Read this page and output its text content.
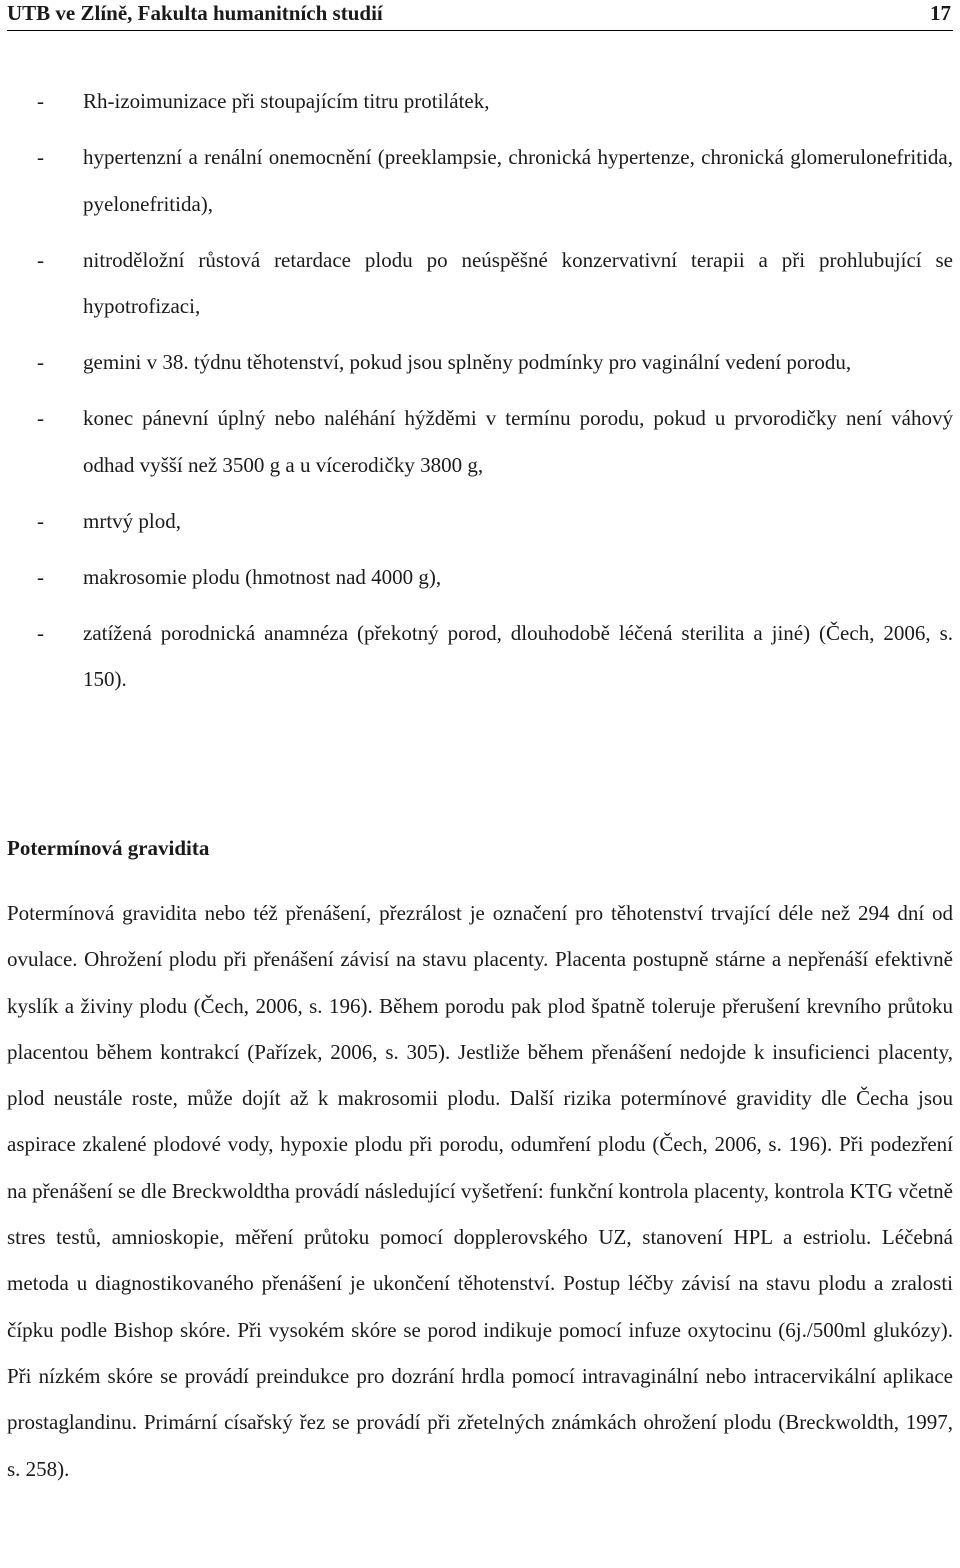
UTB ve Zlíně, Fakulta humanitních studií	17
- Rh-izoimunizace při stoupajícím titru protilátek,
- hypertenzní a renální onemocnění (preeklampsie, chronická hypertenze, chronická glomerulonefritida, pyelonefritida),
- nitroděložní růstová retardace plodu po neúspěšné konzervativní terapii a při prohlubující se hypotrofizaci,
- gemini v 38. týdnu těhotenství, pokud jsou splněny podmínky pro vaginální vedení porodu,
- konec pánevní úplný nebo naléhání hýžděmi v termínu porodu, pokud u prvorodičky není váhový odhad vyšší než 3500 g a u vícerodičky 3800 g,
- mrtvý plod,
- makrosomie plodu (hmotnost nad 4000 g),
- zatížená porodnická anamnéza (překotný porod, dlouhodobě léčená sterilita a jiné) (Čech, 2006, s. 150).
Potermínová gravidita

Potermínová gravidita nebo též přenášení, přezrálost je označení pro těhotenství trvající déle než 294 dní od ovulace. Ohrožení plodu při přenášení závisí na stavu placenty. Placenta postupně stárne a nepřenáší efektivně kyslík a živiny plodu (Čech, 2006, s. 196). Během porodu pak plod špatně toleruje přerušení krevního průtoku placentou během kontrakcí (Pařízek, 2006, s. 305). Jestliže během přenášení nedojde k insuficienci placenty, plod neustále roste, může dojít až k makrosomii plodu. Další rizika potermínové gravidity dle Čecha jsou aspirace zkalené plodové vody, hypoxie plodu při porodu, odumření plodu (Čech, 2006, s. 196). Při podezření na přenášení se dle Breckwoldtha provádí následující vyšetření: funkční kontrola placenty, kontrola KTG včetně stres testů, amnioskopie, měření průtoku pomocí dopplerovského UZ, stanovení HPL a estriolu. Léčebná metoda u diagnostikovaného přenášení je ukončení těhotenství. Postup léčby závisí na stavu plodu a zralosti čípku podle Bishop skóre. Při vysokém skóre se porod indikuje pomocí infuze oxytocinu (6j./500ml glukózy). Při nízkém skóre se provádí preindukce pro dozrání hrdla pomocí intravaginální nebo intracervikální aplikace prostaglandinu. Primární císařský řez se provádí při zřetelných známkách ohrožení plodu (Breckwoldth, 1997, s. 258).
